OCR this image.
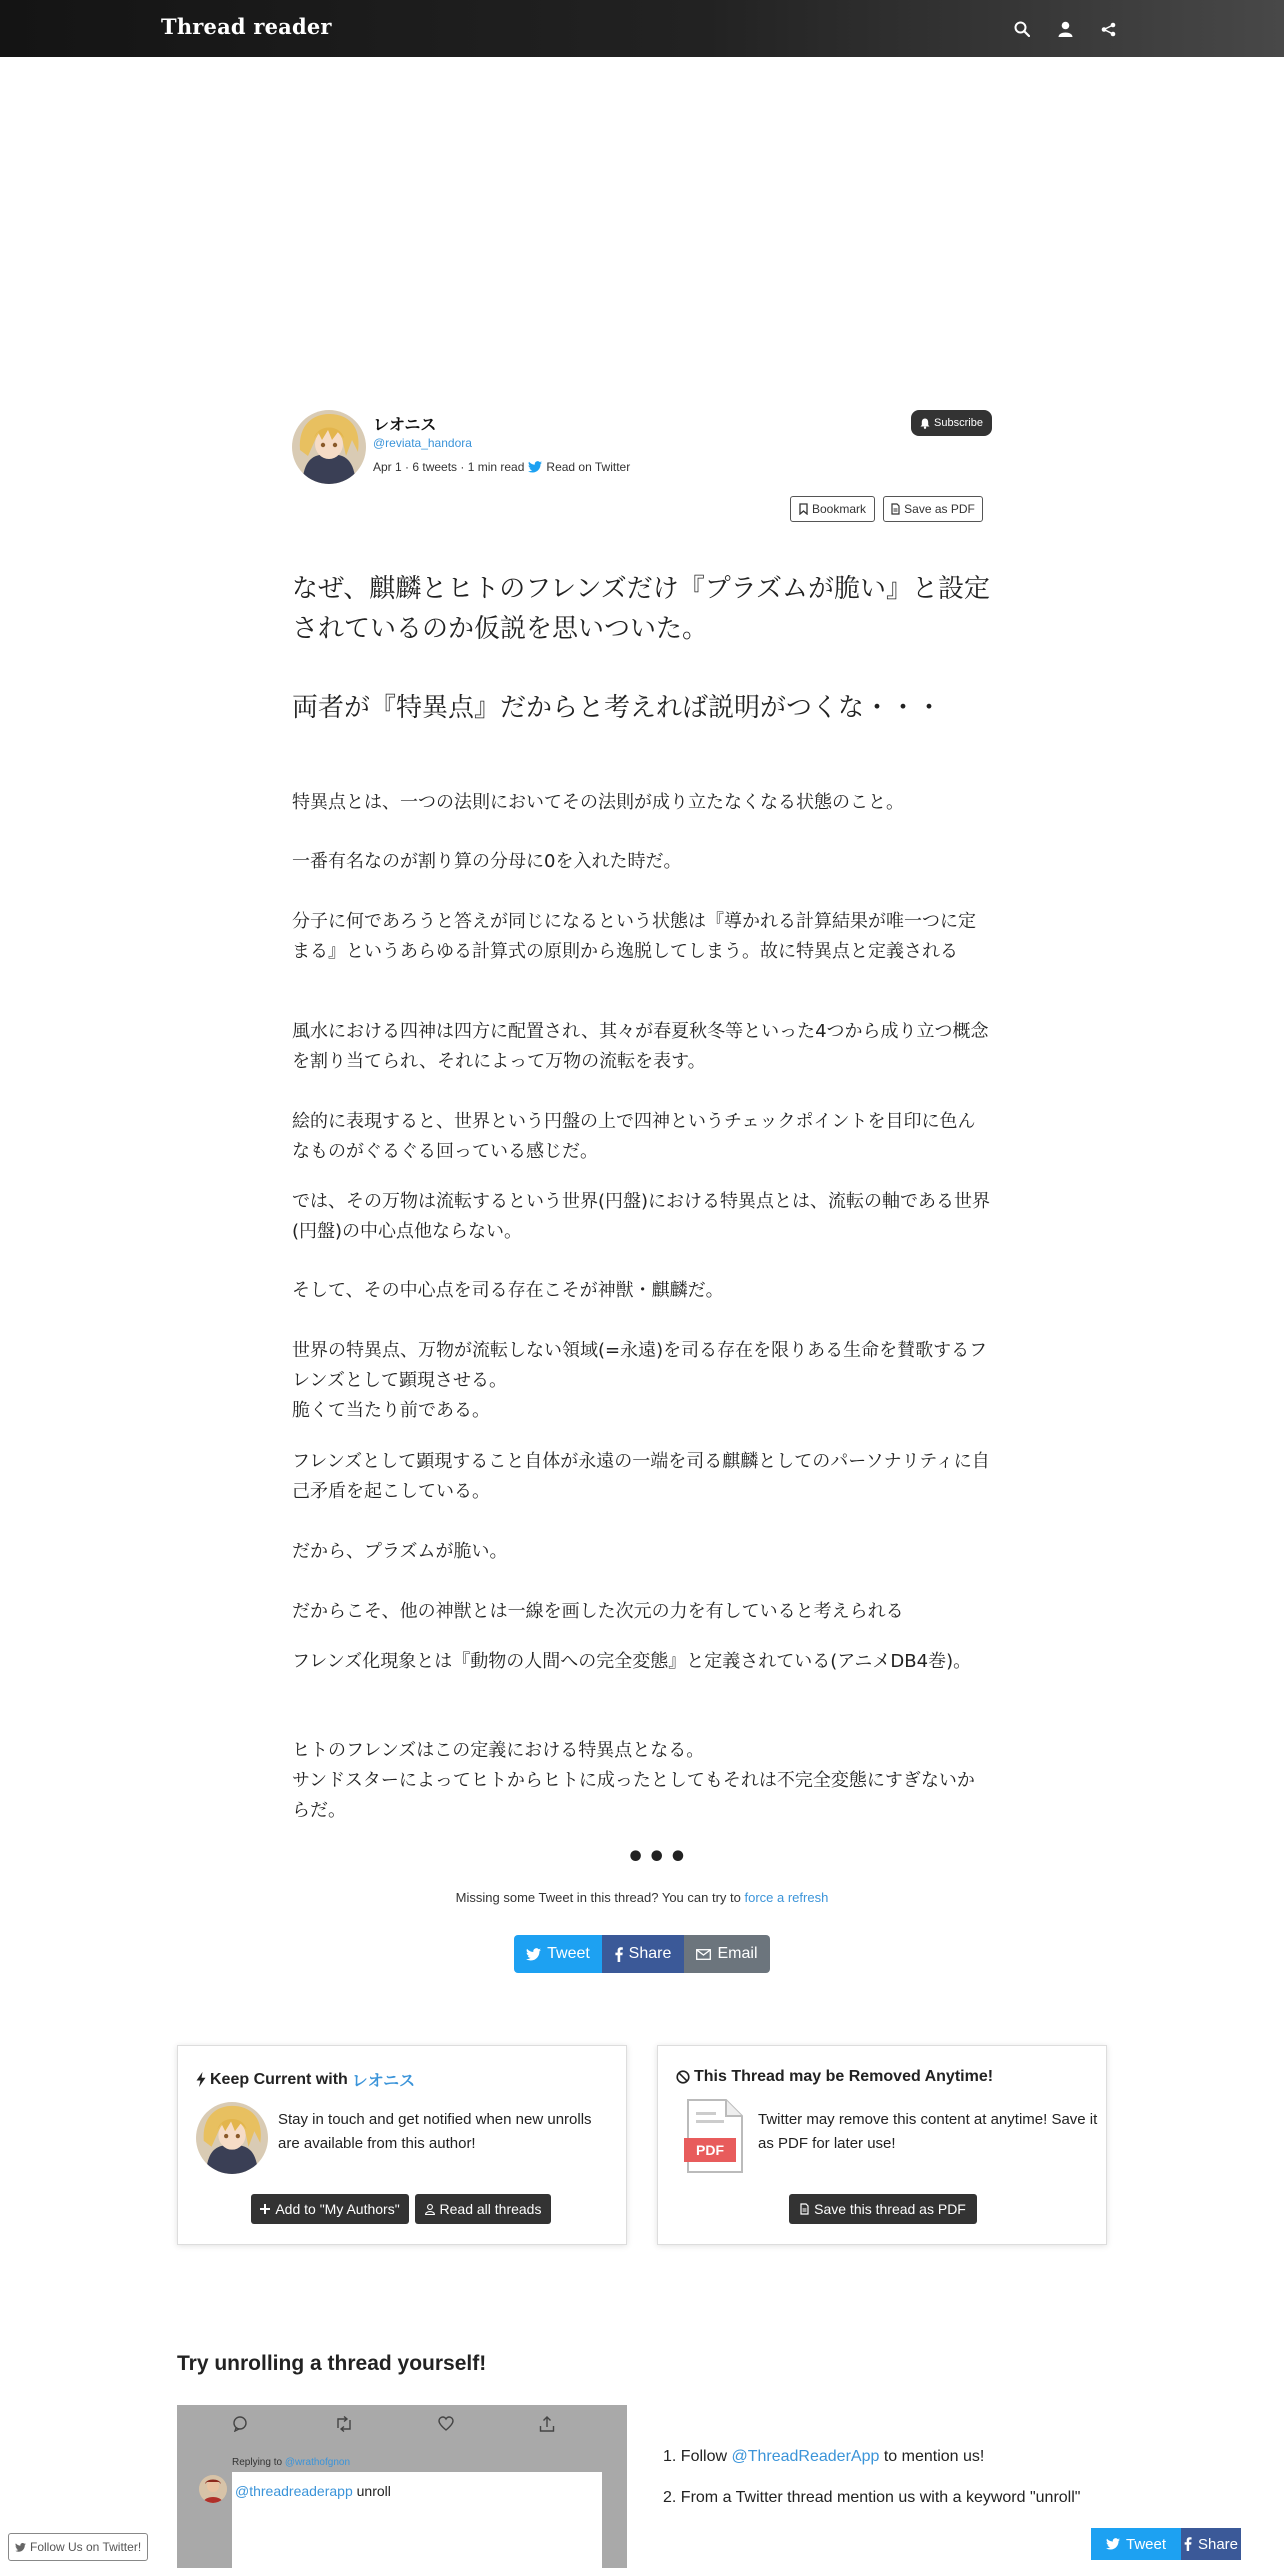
Thread reader
レオニス
@reviata_handora
Apr 1 · 6 tweets · 1 min read Read on Twitter
Subscribe
Bookmark	Save as PDF
なぜ、麒麟とヒトのフレンズだけ『プラズムが脆い』と設定されているのか仮説を思いついた。
両者が『特異点』だからと考えれば説明がつくな・・・
特異点とは、一つの法則においてその法則が成り立たなくなる状態のこと。
一番有名なのが割り算の分母に0を入れた時だ。
分子に何であろうと答えが同じになるという状態は『導かれる計算結果が唯一つに定まる』というあらゆる計算式の原則から逸脱してしまう。故に特異点と定義される
風水における四神は四方に配置され、其々が春夏秋冬等といった4つから成り立つ概念を割り当てられ、それによって万物の流転を表す。
絵的に表現すると、世界という円盤の上で四神というチェックポイントを目印に色んなものがぐるぐる回っている感じだ。
では、その万物は流転するという世界(円盤)における特異点とは、流転の軸である世界(円盤)の中心点他ならない。
そして、その中心点を司る存在こそが神獣・麒麟だ。
世界の特異点、万物が流転しない領域(=永遠)を司る存在を限りある生命を賛歌するフレンズとして顕現させる。
脆くて当たり前である。
フレンズとして顕現すること自体が永遠の一端を司る麒麟としてのパーソナリティに自己矛盾を起こしている。
だから、プラズムが脆い。
だからこそ、他の神獣とは一線を画した次元の力を有していると考えられる
フレンズ化現象とは『動物の人間への完全変態』と定義されている(アニメDB4巻)。
ヒトのフレンズはこの定義における特異点となる。
サンドスターによってヒトからヒトに成ったとしてもそれは不完全変態にすぎないからだ。
•••
Missing some Tweet in this thread? You can try to force a refresh
Tweet Share	Email
Keep Current with レオニス
Stay in touch and get notified when new unrolls are available from this author!
Add to "My Authors"	Read all threads
This Thread may be Removed Anytime!
PDF
Twitter may remove this content at anytime! Save it as PDF for later use!
Save this thread as PDF
Try unrolling a thread yourself!
Replying to @wrathofgnon
@threadreaderapp unroll
1. Follow @ThreadReaderApp to mention us!
2. From a Twitter thread mention us with a keyword "unroll"
Follow Us on Twitter!	Tweet Share
